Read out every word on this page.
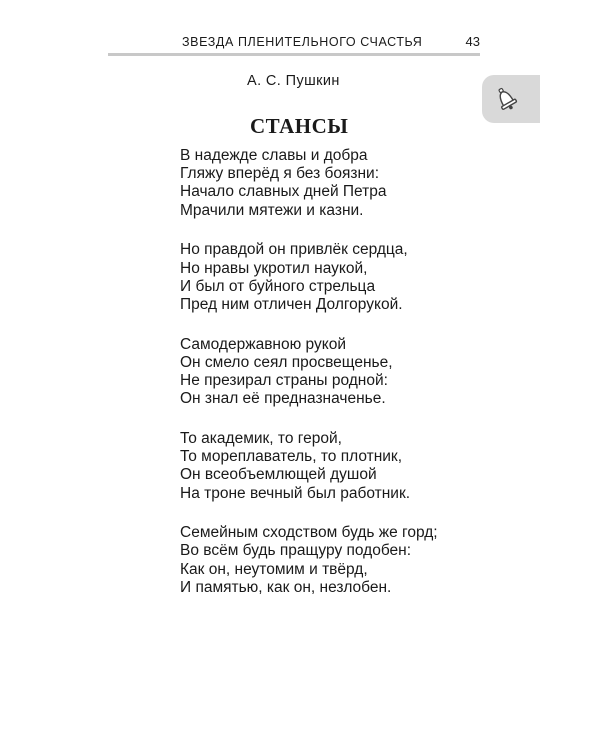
ЗВЕЗДА ПЛЕНИТЕЛЬНОГО СЧАСТЬЯ	43
А. С. Пушкин
СТАНСЫ
В надежде славы и добра
Гляжу вперёд я без боязни:
Начало славных дней Петра
Мрачили мятежи и казни.
Но правдой он привлёк сердца,
Но нравы укротил наукой,
И был от буйного стрельца
Пред ним отличен Долгорукой.
Самодержавною рукой
Он смело сеял просвещенье,
Не презирал страны родной:
Он знал её предназначенье.
То академик, то герой,
То мореплаватель, то плотник,
Он всеобъемлющей душой
На троне вечный был работник.
Семейным сходством будь же горд;
Во всём будь пращуру подобен:
Как он, неутомим и твёрд,
И памятью, как он, незлобен.
